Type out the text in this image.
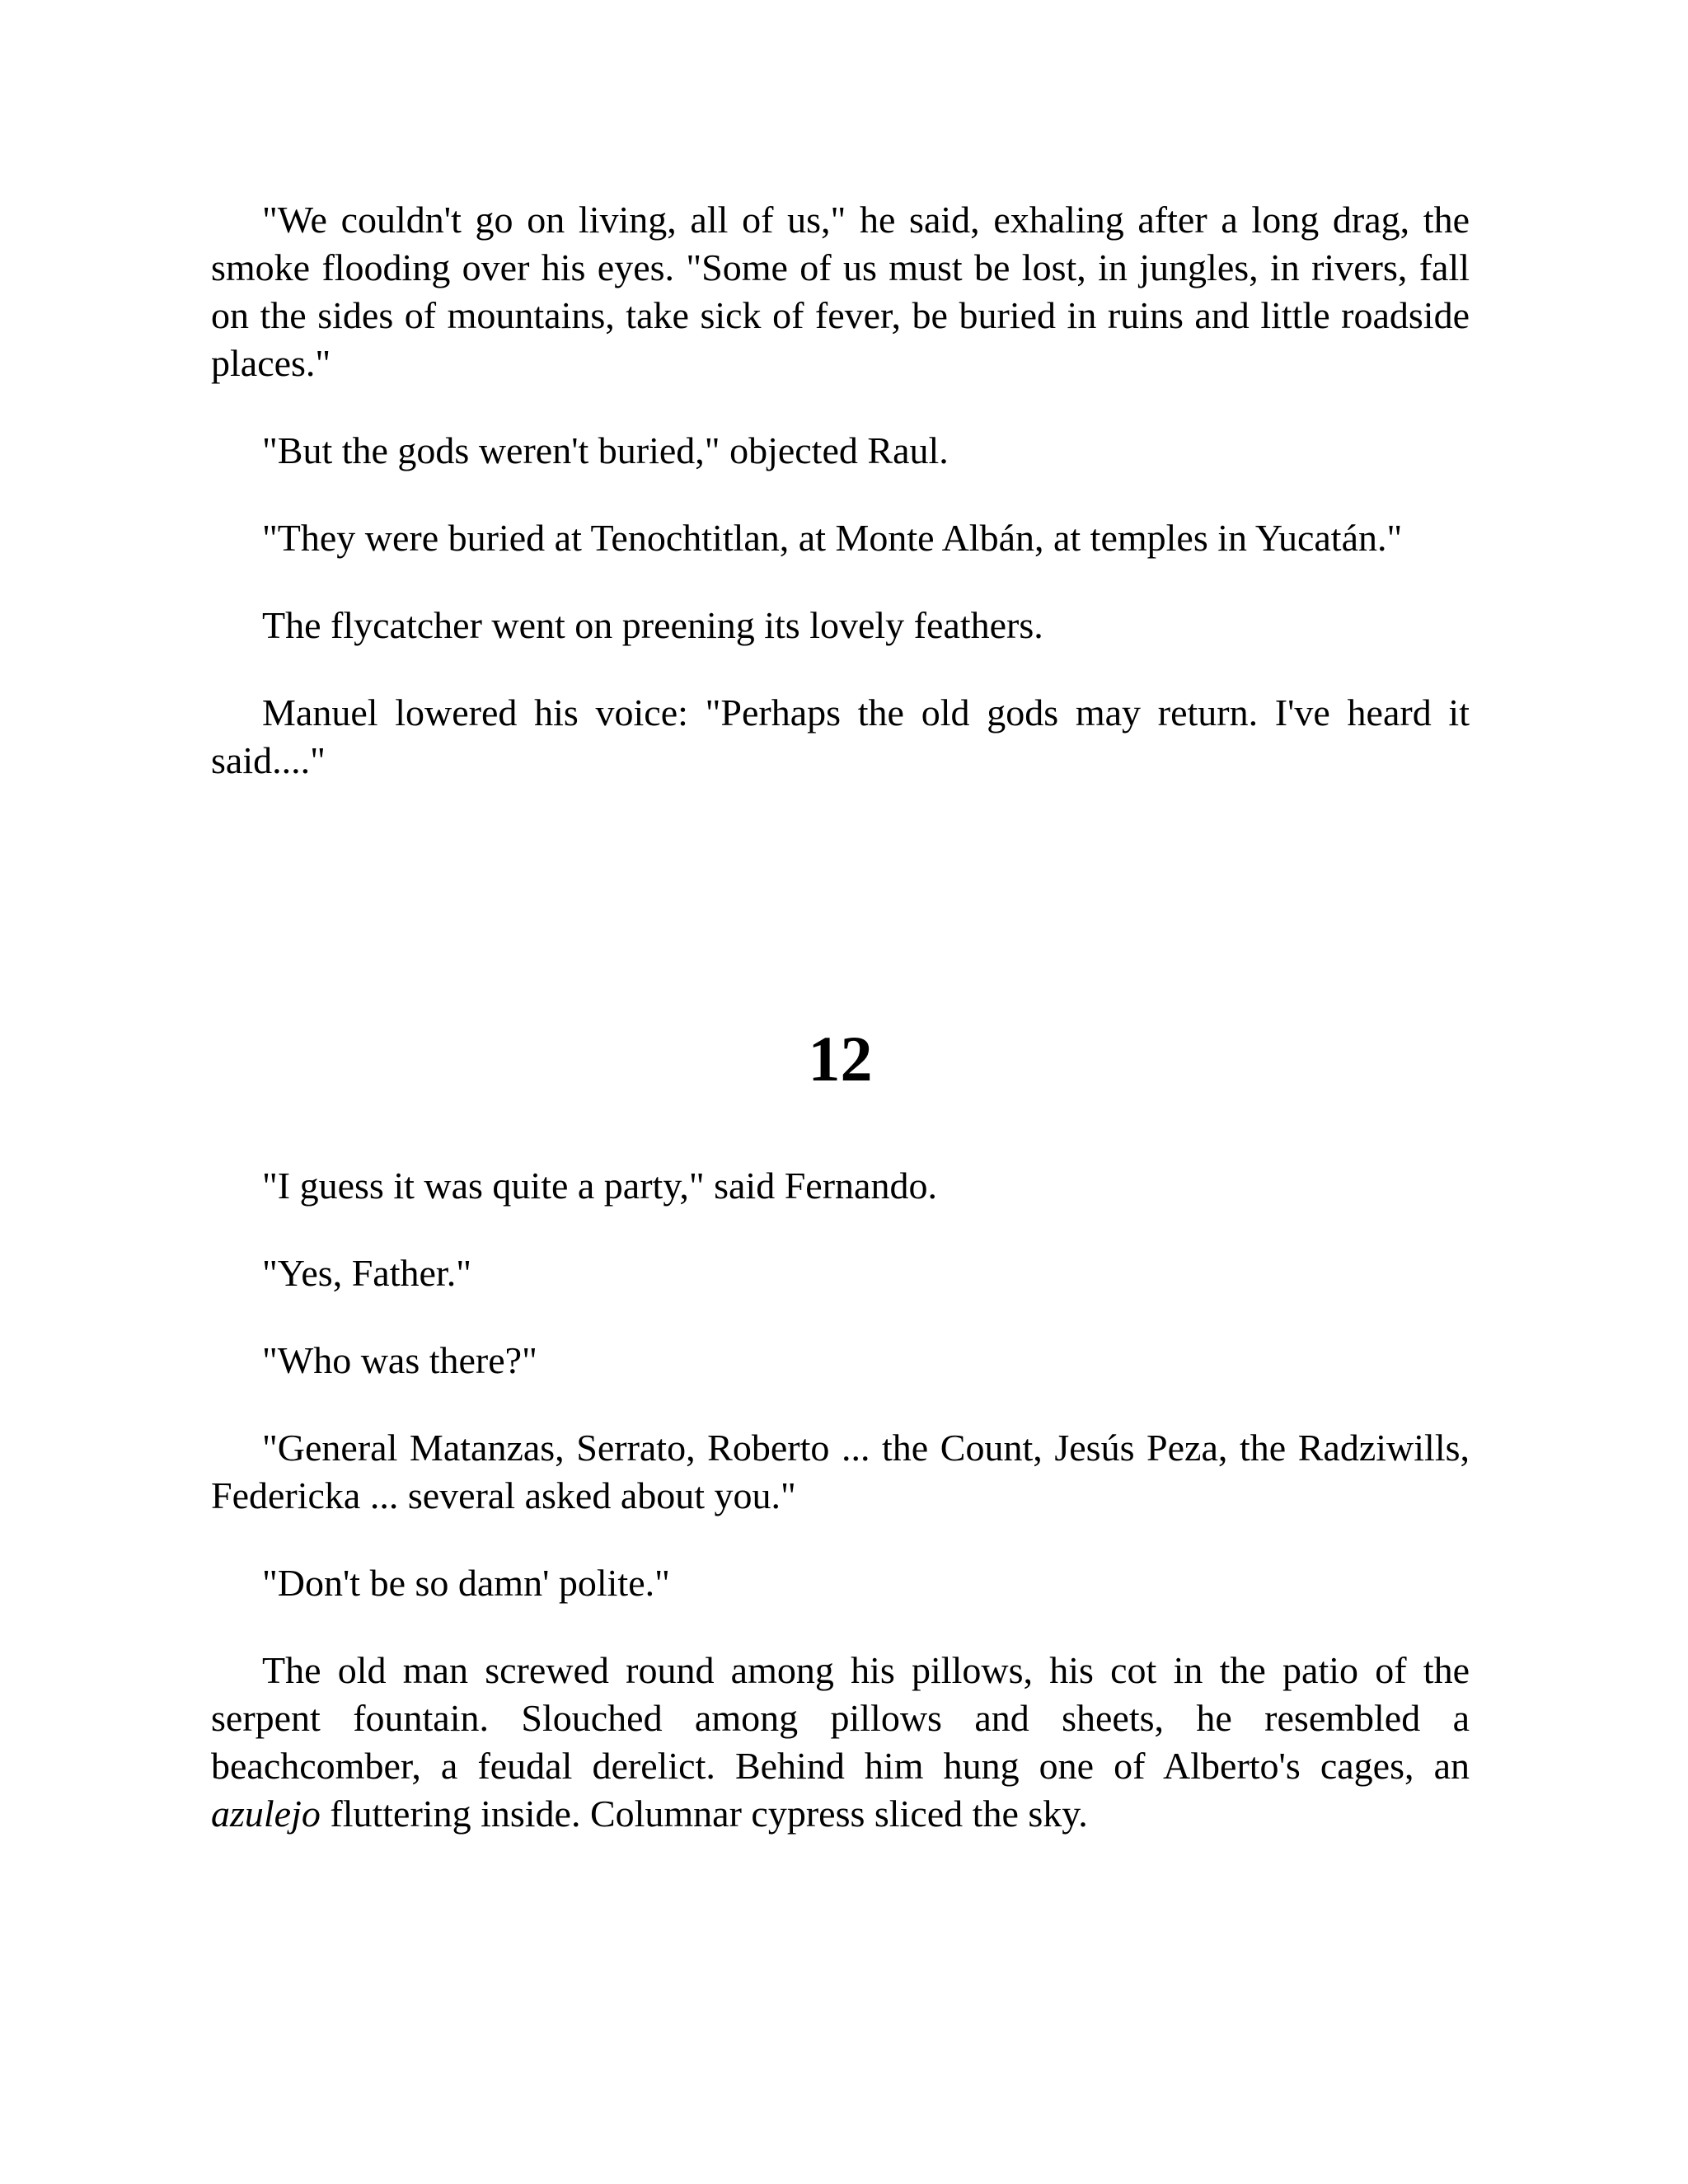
"We couldn't go on living, all of us," he said, exhaling after a long drag, the smoke flooding over his eyes. "Some of us must be lost, in jungles, in rivers, fall on the sides of mountains, take sick of fever, be buried in ruins and little roadside places."

"But the gods weren't buried," objected Raul.

"They were buried at Tenochtitlan, at Monte Albán, at temples in Yucatán."

The flycatcher went on preening its lovely feathers.

Manuel lowered his voice: "Perhaps the old gods may return. I've heard it said...."

12

"I guess it was quite a party," said Fernando.

"Yes, Father."

"Who was there?"

"General Matanzas, Serrato, Roberto ... the Count, Jesús Peza, the Radziwills, Federicka ... several asked about you."

"Don't be so damn' polite."

The old man screwed round among his pillows, his cot in the patio of the serpent fountain. Slouched among pillows and sheets, he resembled a beachcomber, a feudal derelict. Behind him hung one of Alberto's cages, an azulejo fluttering inside. Columnar cypress sliced the sky.
